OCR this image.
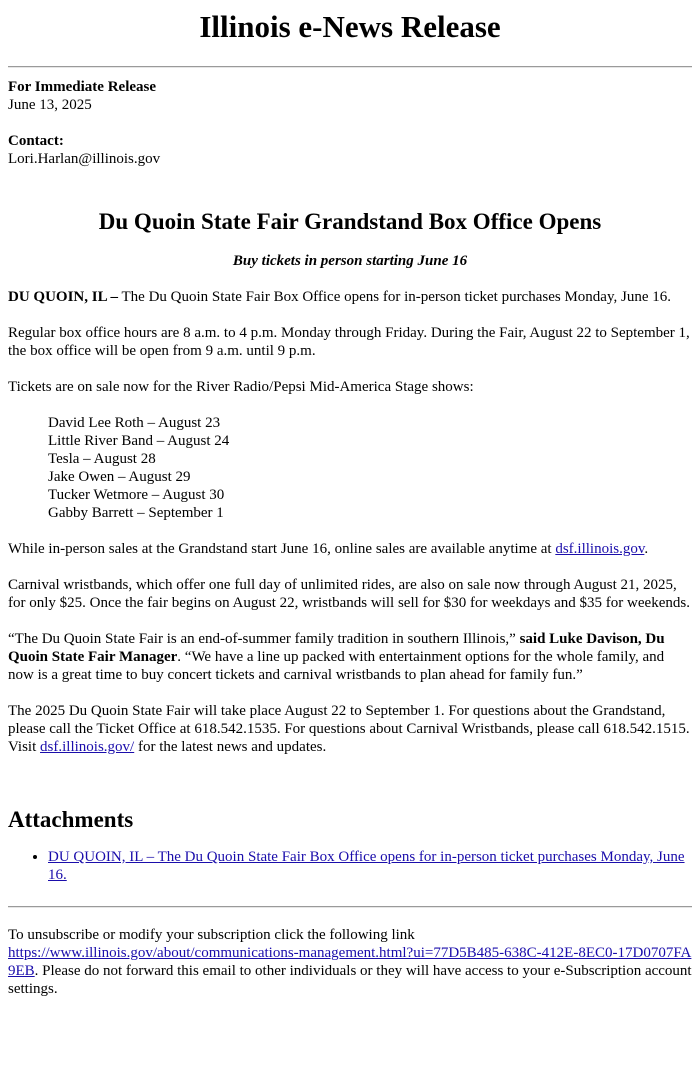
Illinois e-News Release
For Immediate Release
June 13, 2025
Contact:
Lori.Harlan@illinois.gov
Du Quoin State Fair Grandstand Box Office Opens
Buy tickets in person starting June 16

DU QUOIN, IL – The Du Quoin State Fair Box Office opens for in-person ticket purchases Monday, June 16.

Regular box office hours are 8 a.m. to 4 p.m. Monday through Friday. During the Fair, August 22 to September 1, the box office will be open from 9 a.m. until 9 p.m.

Tickets are on sale now for the River Radio/Pepsi Mid-America Stage shows:

David Lee Roth – August 23
Little River Band – August 24
Tesla – August 28
Jake Owen – August 29
Tucker Wetmore – August 30
Gabby Barrett – September 1

While in-person sales at the Grandstand start June 16, online sales are available anytime at dsf.illinois.gov.

Carnival wristbands, which offer one full day of unlimited rides, are also on sale now through August 21, 2025, for only $25. Once the fair begins on August 22, wristbands will sell for $30 for weekdays and $35 for weekends.

“The Du Quoin State Fair is an end-of-summer family tradition in southern Illinois,” said Luke Davison, Du Quoin State Fair Manager. “We have a line up packed with entertainment options for the whole family, and now is a great time to buy concert tickets and carnival wristbands to plan ahead for family fun.”

The 2025 Du Quoin State Fair will take place August 22 to September 1. For questions about the Grandstand, please call the Ticket Office at 618.542.1535. For questions about Carnival Wristbands, please call 618.542.1515. Visit dsf.illinois.gov/ for the latest news and updates.

Attachments
• DU QUOIN, IL – The Du Quoin State Fair Box Office opens for in-person ticket purchases Monday, June 16.
To unsubscribe or modify your subscription click the following link
https://www.illinois.gov/about/communications-management.html?ui=77D5B485-638C-412E-8EC0-17D0707FA9EB. Please do not forward this email to other individuals or they will have access to your e-Subscription account settings.
